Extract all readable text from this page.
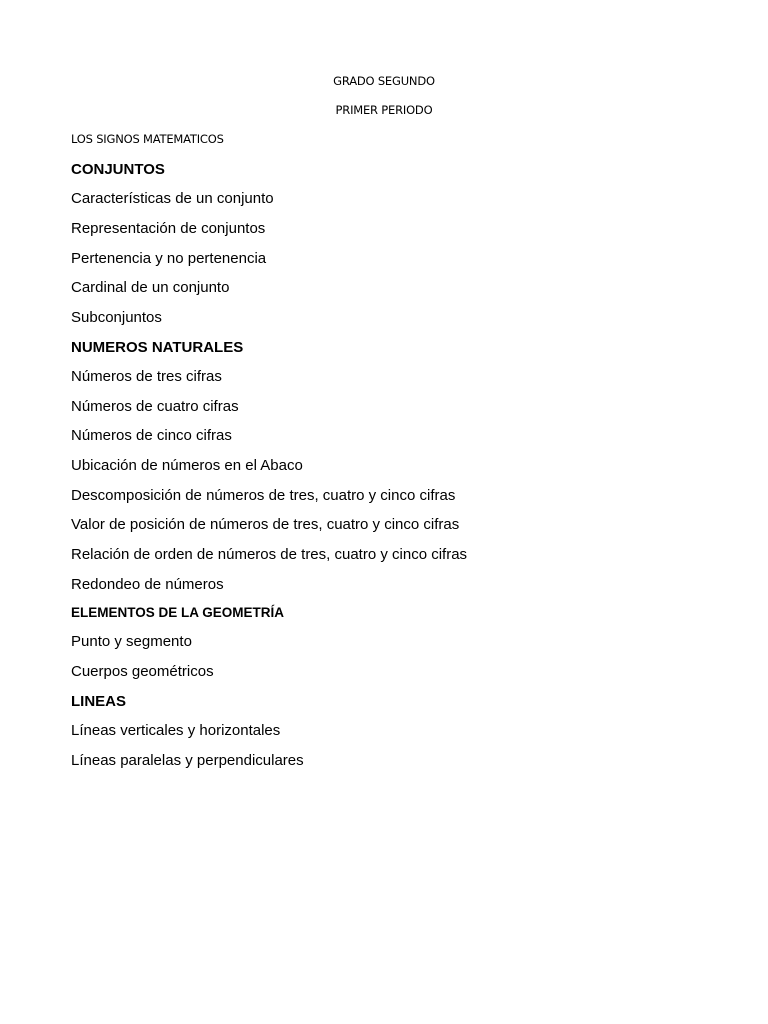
GRADO SEGUNDO
PRIMER PERIODO
LOS SIGNOS MATEMATICOS
CONJUNTOS
Características de un conjunto
Representación de conjuntos
Pertenencia y no pertenencia
Cardinal de un conjunto
Subconjuntos
NUMEROS NATURALES
Números de tres cifras
Números de cuatro cifras
Números de cinco cifras
Ubicación de números en el Abaco
Descomposición de números de tres, cuatro y cinco cifras
Valor de posición de números de tres, cuatro y cinco cifras
Relación de orden de números de tres, cuatro y cinco cifras
Redondeo de números
ELEMENTOS DE LA GEOMETRÍA
Punto y segmento
Cuerpos geométricos
LINEAS
Líneas verticales y horizontales
Líneas paralelas y perpendiculares
